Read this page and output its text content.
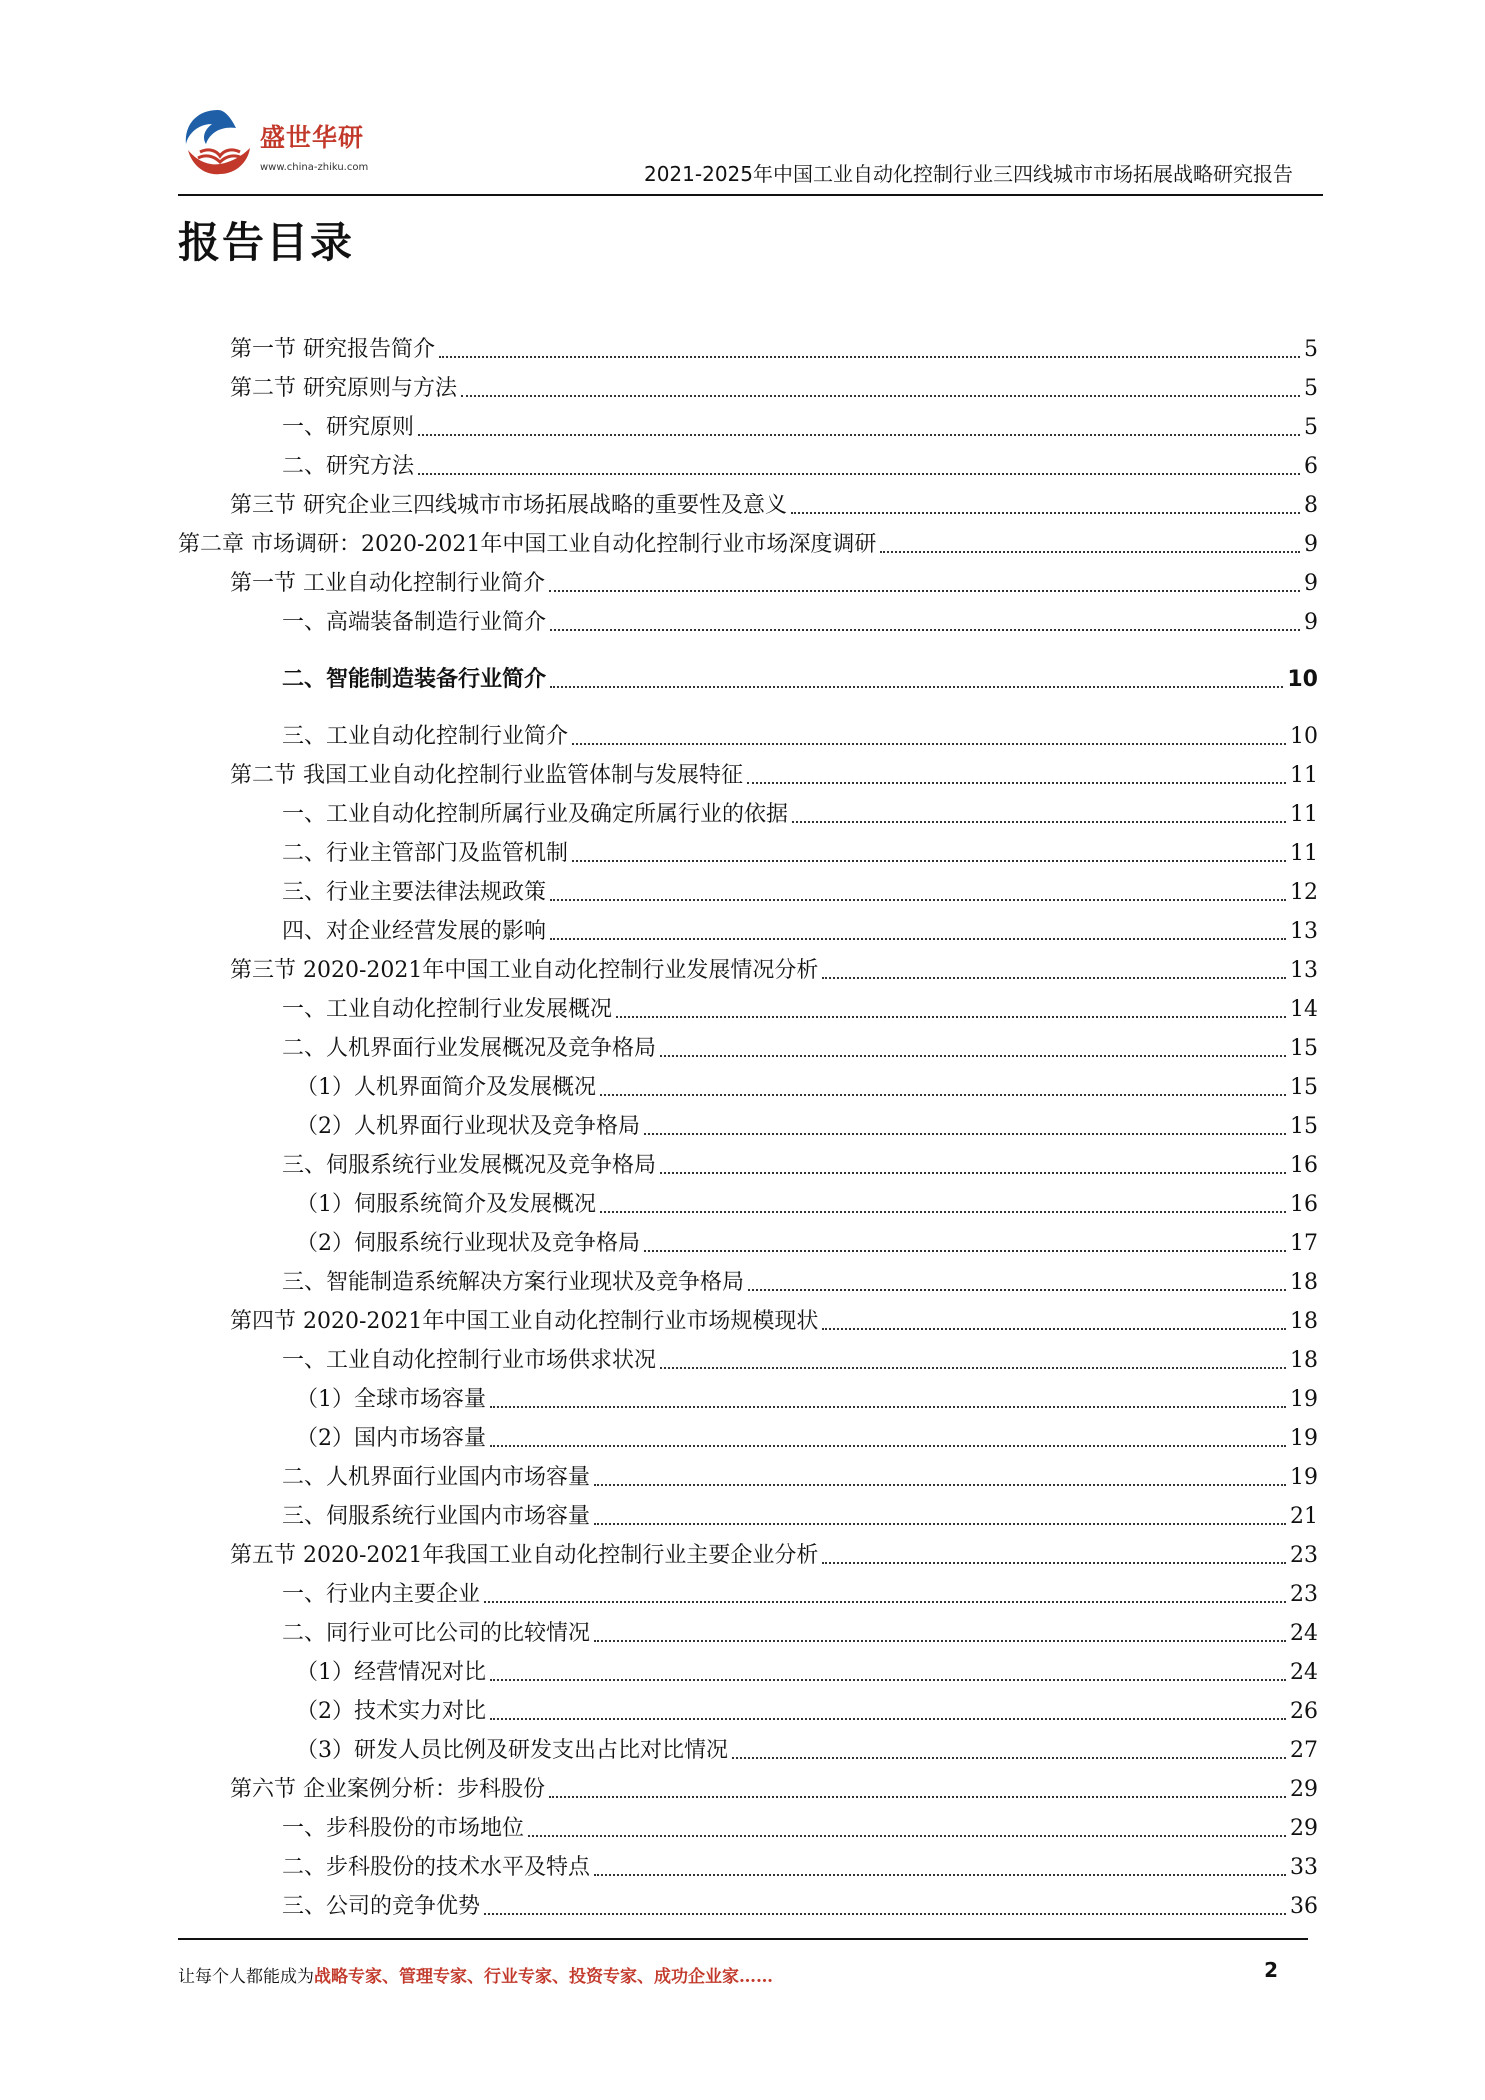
盛世华研
www.china-zhiku.com	2021-2025年中国工业自动化控制行业三四线城市市场拓展战略研究报告
报告目录
第一节 研究报告简介	5
第二节 研究原则与方法	5
一、研究原则	5
二、研究方法	6
第三节 研究企业三四线城市市场拓展战略的重要性及意义	8
第二章 市场调研：2020-2021年中国工业自动化控制行业市场深度调研	9
第一节 工业自动化控制行业简介	9
一、高端装备制造行业简介	9
二、智能制造装备行业简介	10
三、工业自动化控制行业简介	10
第二节 我国工业自动化控制行业监管体制与发展特征	11
一、工业自动化控制所属行业及确定所属行业的依据	11
二、行业主管部门及监管机制	11
三、行业主要法律法规政策	12
四、对企业经营发展的影响	13
第三节 2020-2021年中国工业自动化控制行业发展情况分析	13
一、工业自动化控制行业发展概况	14
二、人机界面行业发展概况及竞争格局	15
（1）人机界面简介及发展概况	15
（2）人机界面行业现状及竞争格局	15
三、伺服系统行业发展概况及竞争格局	16
（1）伺服系统简介及发展概况	16
（2）伺服系统行业现状及竞争格局	17
三、智能制造系统解决方案行业现状及竞争格局	18
第四节 2020-2021年中国工业自动化控制行业市场规模现状	18
一、工业自动化控制行业市场供求状况	18
（1）全球市场容量	19
（2）国内市场容量	19
二、人机界面行业国内市场容量	19
三、伺服系统行业国内市场容量	21
第五节 2020-2021年我国工业自动化控制行业主要企业分析	23
一、行业内主要企业	23
二、同行业可比公司的比较情况	24
（1）经营情况对比	24
（2）技术实力对比	26
（3）研发人员比例及研发支出占比对比情况	27
第六节 企业案例分析：步科股份	29
一、步科股份的市场地位	29
二、步科股份的技术水平及特点	33
三、公司的竞争优势	36
让每个人都能成为战略专家、管理专家、行业专家、投资专家、成功企业家……	2
